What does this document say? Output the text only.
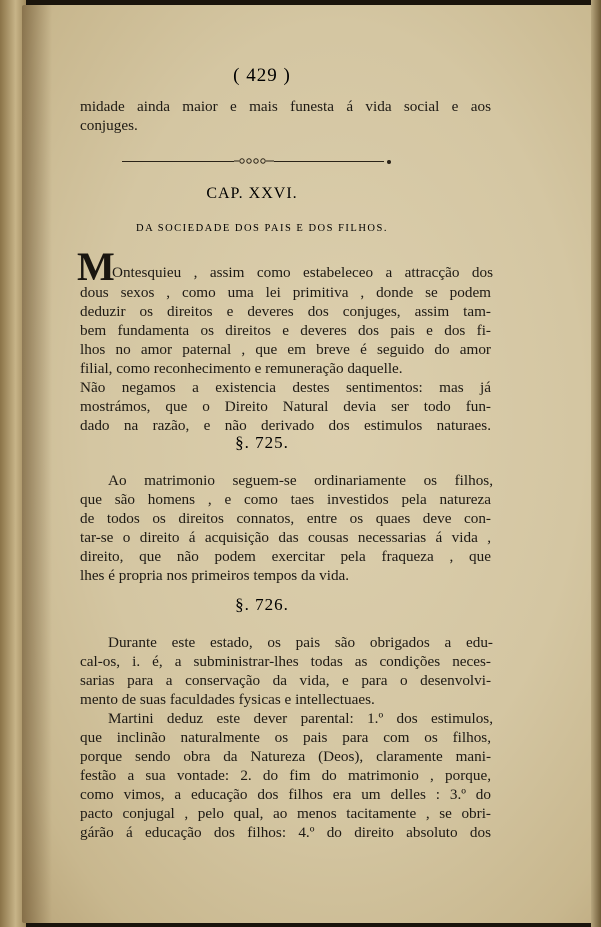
( 429 )
midade ainda maior e mais funesta á vida social e aos
conjuges.
CAP. XXVI.
DA SOCIEDADE DOS PAIS E DOS FILHOS.
M
Ontesquieu , assim como estabeleceo a attracção dos
dous sexos , como uma lei primitiva , donde se podem
deduzir os direitos e deveres dos conjuges, assim tam-
bem fundamenta os direitos e deveres dos pais e dos fi-
lhos no amor paternal , que em breve é seguido do amor
filial, como reconhecimento e remuneração daquelle.
Não negamos a existencia destes sentimentos: mas já
mostrámos, que o Direito Natural devia ser todo fun-
dado na razão, e não derivado dos estimulos naturaes.
§. 725.
Ao matrimonio seguem-se ordinariamente os filhos,
que são homens , e como taes investidos pela natureza
de todos os direitos connatos, entre os quaes deve con-
tar-se o direito á acquisição das cousas necessarias á vida ,
direito, que não podem exercitar pela fraqueza , que
lhes é propria nos primeiros tempos da vida.
§. 726.
Durante este estado, os pais são obrigados a edu-
cal-os, i. é, a subministrar-lhes todas as condições neces-
sarias para a conservação da vida, e para o desenvolvi-
mento de suas faculdades fysicas e intellectuaes.
Martini deduz este dever parental: 1.º dos estimulos,
que inclinão naturalmente os pais para com os filhos,
porque sendo obra da Natureza (Deos), claramente mani-
festão a sua vontade: 2. do fim do matrimonio , porque,
como vimos, a educação dos filhos era um delles : 3.º do
pacto conjugal , pelo qual, ao menos tacitamente , se obri-
gárão á educação dos filhos: 4.º do direito absoluto dos
